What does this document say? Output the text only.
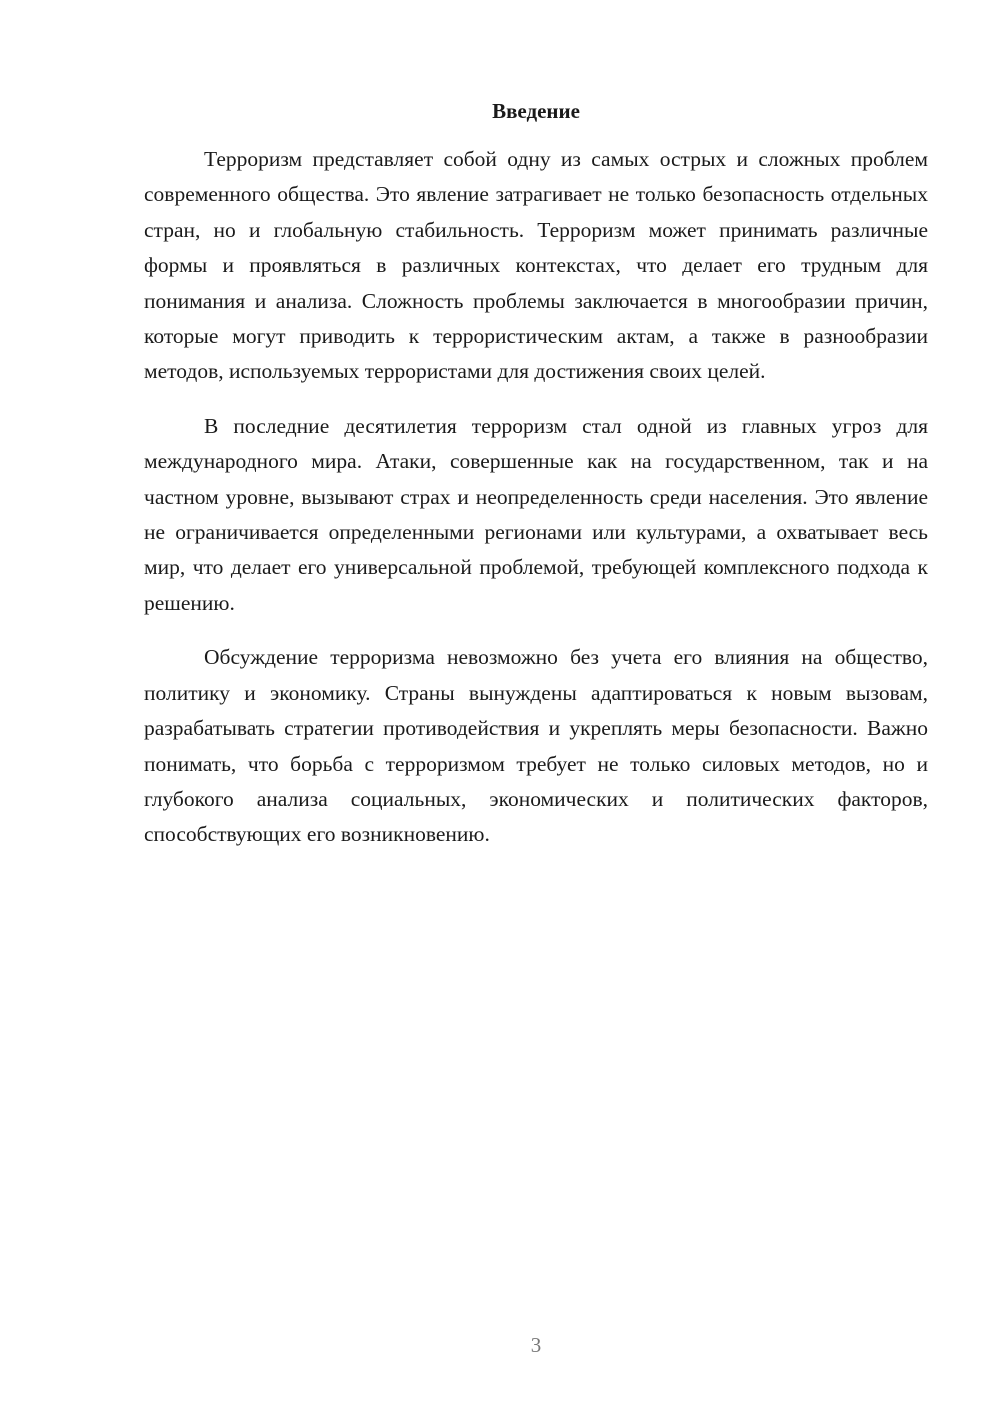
Введение

Терроризм представляет собой одну из самых острых и сложных проблем современного общества. Это явление затрагивает не только безопасность отдельных стран, но и глобальную стабильность. Терроризм может принимать различные формы и проявляться в различных контекстах, что делает его трудным для понимания и анализа. Сложность проблемы заключается в многообразии причин, которые могут приводить к террористическим актам, а также в разнообразии методов, используемых террористами для достижения своих целей.

В последние десятилетия терроризм стал одной из главных угроз для международного мира. Атаки, совершенные как на государственном, так и на частном уровне, вызывают страх и неопределенность среди населения. Это явление не ограничивается определенными регионами или культурами, а охватывает весь мир, что делает его универсальной проблемой, требующей комплексного подхода к решению.

Обсуждение терроризма невозможно без учета его влияния на общество, политику и экономику. Страны вынуждены адаптироваться к новым вызовам, разрабатывать стратегии противодействия и укреплять меры безопасности. Важно понимать, что борьба с терроризмом требует не только силовых методов, но и глубокого анализа социальных, экономических и политических факторов, способствующих его возникновению.

3
